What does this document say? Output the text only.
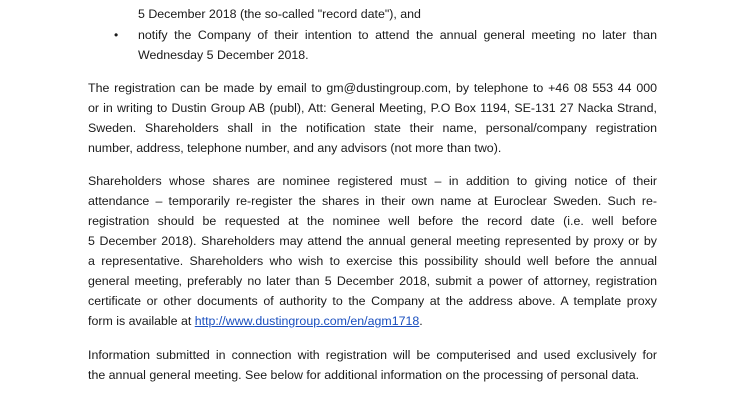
5 December 2018 (the so-called "record date"), and
• notify the Company of their intention to attend the annual general meeting no later than
Wednesday 5 December 2018.
The registration can be made by email to gm@dustingroup.com, by telephone to +46 08 553 44 000
or in writing to Dustin Group AB (publ), Att: General Meeting, P.O Box 1194, SE-131 27 Nacka Strand,
Sweden. Shareholders shall in the notification state their name, personal/company registration
number, address, telephone number, and any advisors (not more than two).
Shareholders whose shares are nominee registered must – in addition to giving notice of their
attendance – temporarily re-register the shares in their own name at Euroclear Sweden. Such re-
registration should be requested at the nominee well before the record date (i.e. well before
5 December 2018). Shareholders may attend the annual general meeting represented by proxy or by
a representative. Shareholders who wish to exercise this possibility should well before the annual
general meeting, preferably no later than 5 December 2018, submit a power of attorney, registration
certificate or other documents of authority to the Company at the address above. A template proxy
form is available at http://www.dustingroup.com/en/agm1718.
Information submitted in connection with registration will be computerised and used exclusively for
the annual general meeting. See below for additional information on the processing of personal data.
